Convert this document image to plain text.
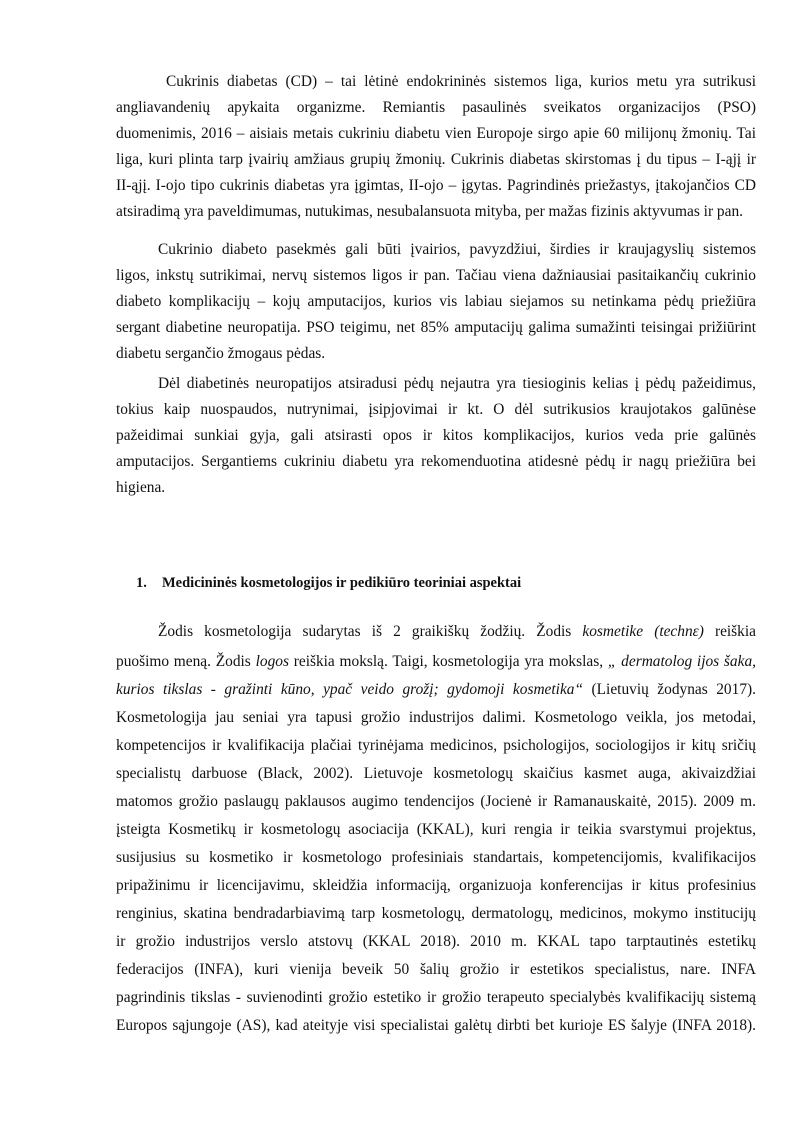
Cukrinis diabetas (CD) – tai lėtinė endokrininės sistemos liga, kurios metu yra sutrikusi
angliavandenių apykaita organizme. Remiantis pasaulinės sveikatos organizacijos (PSO)
duomenimis, 2016 – aisiais metais cukriniu diabetu vien Europoje sirgo apie 60 milijonų žmonių. Tai
liga, kuri plinta tarp įvairių amžiaus grupių žmonių. Cukrinis diabetas skirstomas į du tipus – I-ąjį ir
II-ąjį. I-ojo tipo cukrinis diabetas yra įgimtas, II-ojo – įgytas. Pagrindinės priežastys, įtakojančios CD
atsiradimą yra paveldimumas, nutukimas, nesubalansuota mityba, per mažas fizinis aktyvumas ir pan.
Cukrinio diabeto pasekmės gali būti įvairios, pavyzdžiui, širdies ir kraujagyslių sistemos
ligos, inkstų sutrikimai, nervų sistemos ligos ir pan. Tačiau viena dažniausiai pasitaikančių cukrinio
diabeto komplikacijų – kojų amputacijos, kurios vis labiau siejamos su netinkama pėdų priežiūra
sergant diabetine neuropatija. PSO teigimu, net 85% amputacijų galima sumažinti teisingai prižiūrint
diabetu sergančio žmogaus pėdas.
Dėl diabetinės neuropatijos atsiradusi pėdų nejautra yra tiesioginis kelias į pėdų pažeidimus,
tokius kaip nuospaudos, nutrynimai, įsipjovimai ir kt. O dėl sutrikusios kraujotakos galūnėse
pažeidimai sunkiai gyja, gali atsirasti opos ir kitos komplikacijos, kurios veda prie galūnės
amputacijos. Sergantiems cukriniu diabetu yra rekomenduotina atidesnė pėdų ir nagų priežiūra bei
higiena.
1. Medicininės kosmetologijos ir pedikiūro teoriniai aspektai
Žodis kosmetologija sudarytas iš 2 graikiškų žodžių. Žodis kosmetike (technε) reiškia
puošimo meną. Žodis logos reiškia mokslą. Taigi, kosmetologija yra mokslas, „ dermatolog ijos šaka,
kurios tikslas - gražinti kūno, ypač veido grožį; gydomoji kosmetika“ (Lietuvių žodynas 2017).
Kosmetologija jau seniai yra tapusi grožio industrijos dalimi. Kosmetologo veikla, jos metodai,
kompetencijos ir kvalifikacija plačiai tyrinėjama medicinos, psichologijos, sociologijos ir kitų sričių
specialistų darbuose (Black, 2002). Lietuvoje kosmetologų skaičius kasmet auga, akivaizdžiai
matomos grožio paslaugų paklausos augimo tendencijos (Jocienė ir Ramanauskaitė, 2015). 2009 m.
įsteigta Kosmetikų ir kosmetologų asociacija (KKAL), kuri rengia ir teikia svarstymui projektus,
susijusius su kosmetiko ir kosmetologo profesiniais standartais, kompetencijomis, kvalifikacijos
pripažinimu ir licencijavimu, skleidžia informaciją, organizuoja konferencijas ir kitus profesinius
renginius, skatina bendradarbiavimą tarp kosmetologų, dermatologų, medicinos, mokymo institucijų
ir grožio industrijos verslo atstovų (KKAL 2018). 2010 m. KKAL tapo tarptautinės estetikų
federacijos (INFA), kuri vienija beveik 50 šalių grožio ir estetikos specialistus, nare. INFA
pagrindinis tikslas - suvienodinti grožio estetiko ir grožio terapeuto specialybės kvalifikacijų sistemą
Europos sąjungoje (AS), kad ateityje visi specialistai galėtų dirbti bet kurioje ES šalyje (INFA 2018).
